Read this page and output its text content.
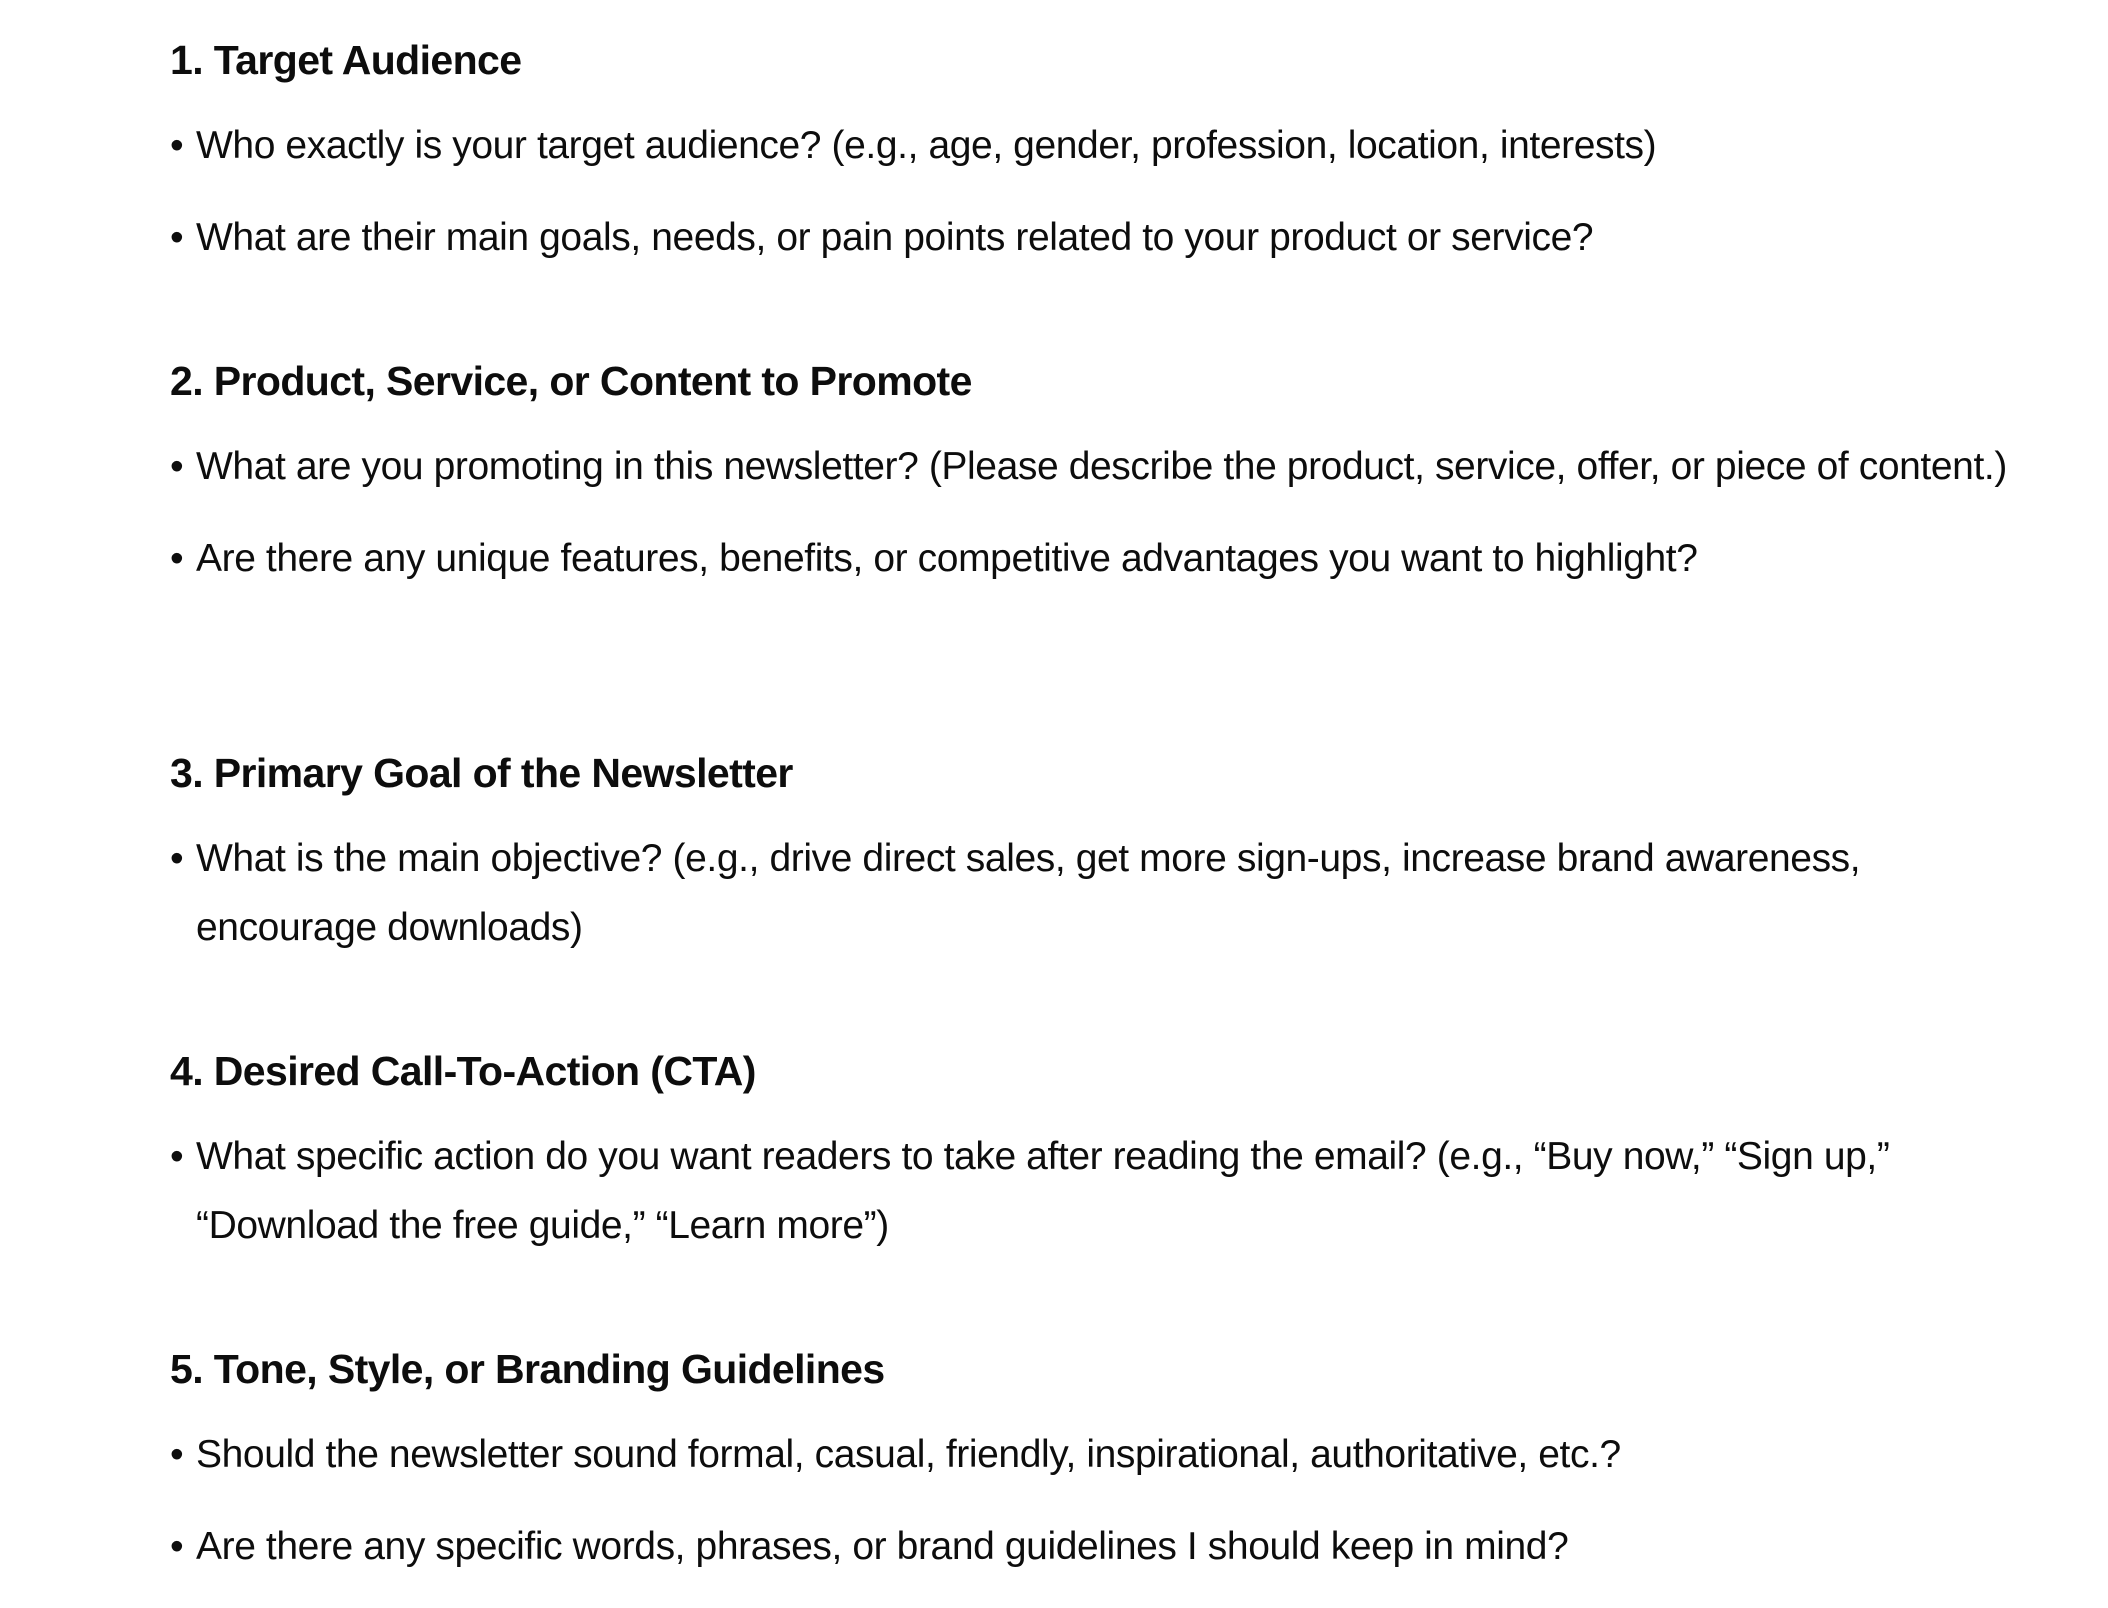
1. Target Audience
• Who exactly is your target audience? (e.g., age, gender, profession, location, interests)
• What are their main goals, needs, or pain points related to your product or service?
2. Product, Service, or Content to Promote
• What are you promoting in this newsletter? (Please describe the product, service, offer, or piece of content.)
• Are there any unique features, benefits, or competitive advantages you want to highlight?
3. Primary Goal of the Newsletter
• What is the main objective? (e.g., drive direct sales, get more sign-ups, increase brand awareness, encourage downloads)
4. Desired Call-To-Action (CTA)
• What specific action do you want readers to take after reading the email? (e.g., “Buy now,” “Sign up,” “Download the free guide,” “Learn more”)
5. Tone, Style, or Branding Guidelines
• Should the newsletter sound formal, casual, friendly, inspirational, authoritative, etc.?
• Are there any specific words, phrases, or brand guidelines I should keep in mind?
